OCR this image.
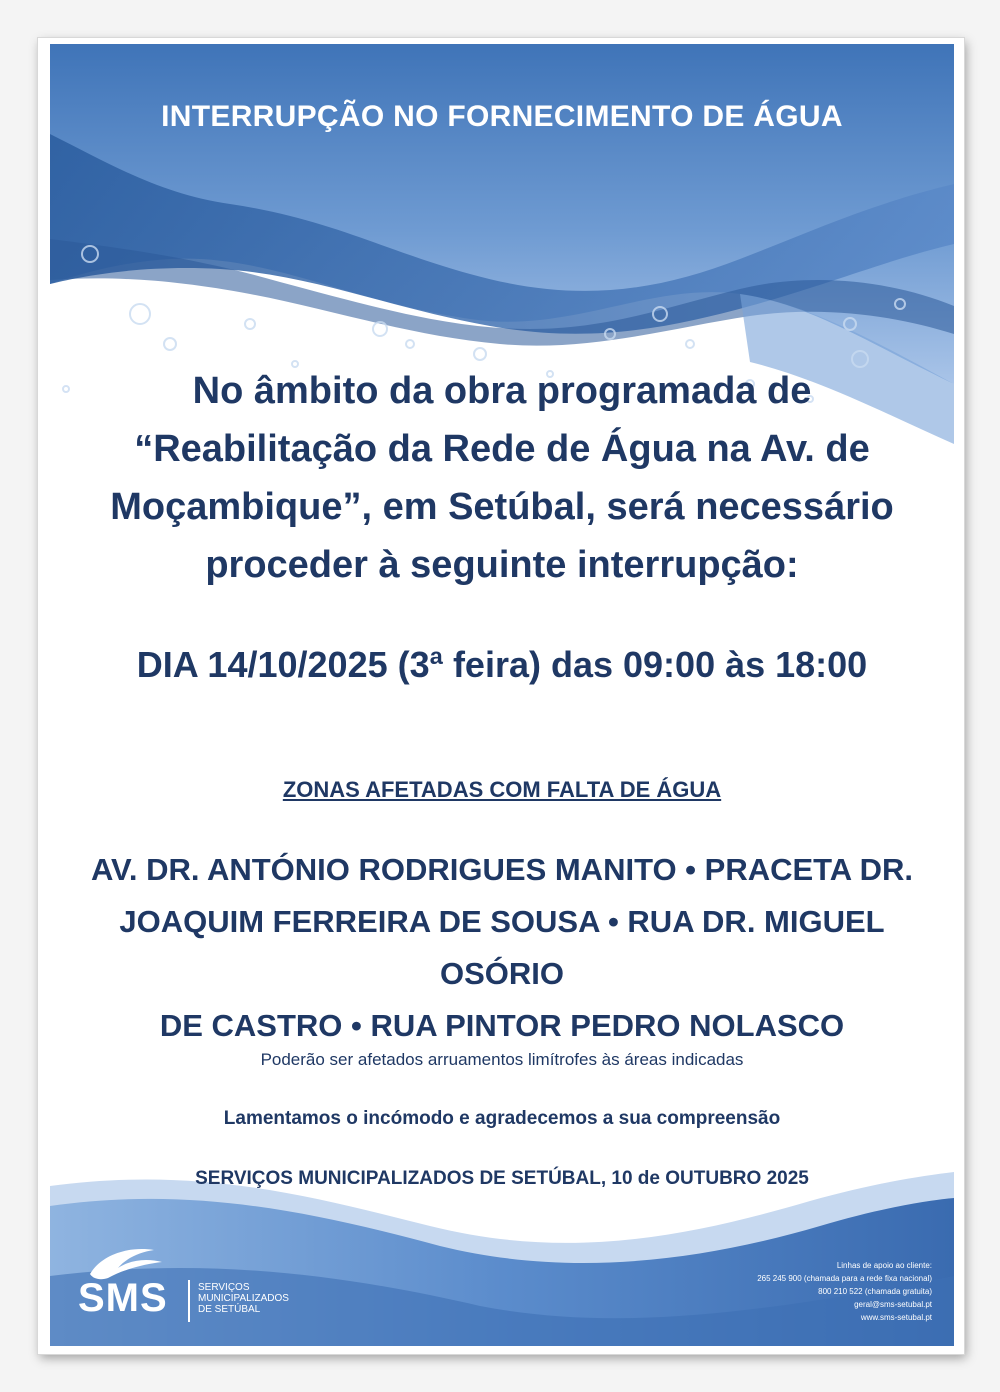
INTERRUPÇÃO NO FORNECIMENTO DE ÁGUA
No âmbito da obra programada de
“Reabilitação da Rede de Água na Av. de
Moçambique”, em Setúbal, será necessário
proceder à seguinte interrupção:
DIA 14/10/2025 (3ª feira) das 09:00 às 18:00
ZONAS AFETADAS COM FALTA DE ÁGUA
AV. DR. ANTÓNIO RODRIGUES MANITO • PRACETA DR.
JOAQUIM FERREIRA DE SOUSA • RUA DR. MIGUEL OSÓRIO
DE CASTRO • RUA PINTOR PEDRO NOLASCO
Poderão ser afetados arruamentos limítrofes às áreas indicadas
Lamentamos o incómodo e agradecemos a sua compreensão
SERVIÇOS MUNICIPALIZADOS DE SETÚBAL, 10 de OUTUBRO 2025
SMS	SERVIÇOS
MUNICIPALIZADOS
DE SETÚBAL
Linhas de apoio ao cliente:
265 245 900 (chamada para a rede fixa nacional)
800 210 522 (chamada gratuita)
geral@sms-setubal.pt
www.sms-setubal.pt
